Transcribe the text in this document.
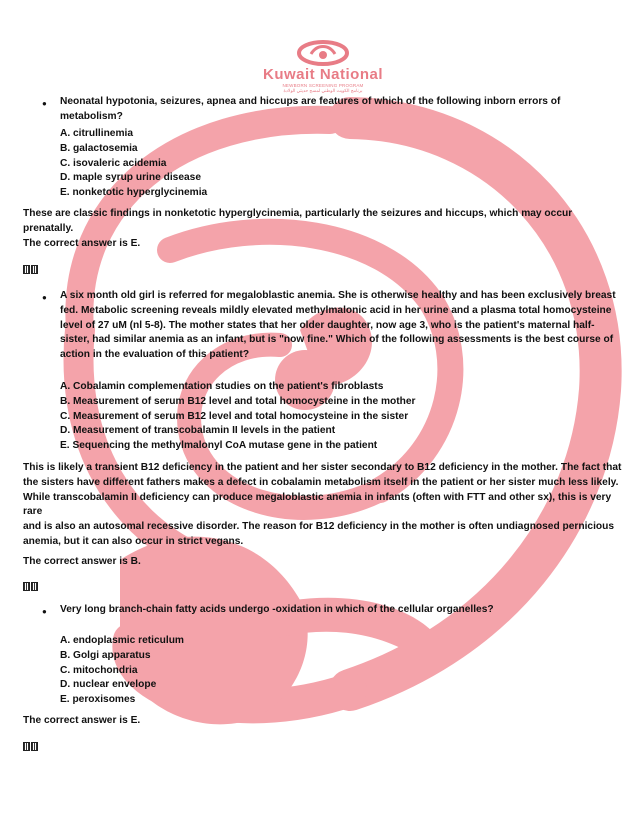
Kuwait National
NEWBORN SCREENING PROGRAM
برنامج الكويت الوطني لمسح حديثي الولادة
● Neonatal hypotonia, seizures, apnea and hiccups are features of which of the following inborn errors of metabolism?
A. citrullinemia
B. galactosemia
C. isovaleric acidemia
D. maple syrup urine disease
E. nonketotic hyperglycinemia
These are classic findings in nonketotic hyperglycinemia, particularly the seizures and hiccups, which may occur prenatally.
The correct answer is E.
● A six month old girl is referred for megaloblastic anemia. She is otherwise healthy and has been exclusively breast
fed. Metabolic screening reveals mildly elevated methylmalonic acid in her urine and a plasma total homocysteine
level of 27 uM (nl 5-8). The mother states that her older daughter, now age 3, who is the patient's maternal half-
sister, had similar anemia as an infant, but is "now fine." Which of the following assessments is the best course of
action in the evaluation of this patient?
A. Cobalamin complementation studies on the patient's fibroblasts
B. Measurement of serum B12 level and total homocysteine in the mother
C. Measurement of serum B12 level and total homocysteine in the sister
D. Measurement of transcobalamin II levels in the patient
E. Sequencing the methylmalonyl CoA mutase gene in the patient
This is likely a transient B12 deficiency in the patient and her sister secondary to B12 deficiency in the mother. The fact that
the sisters have different fathers makes a defect in cobalamin metabolism itself in the patient or her sister much less likely.
While transcobalamin II deficiency can produce megaloblastic anemia in infants (often with FTT and other sx), this is very rare
and is also an autosomal recessive disorder. The reason for B12 deficiency in the mother is often undiagnosed pernicious
anemia, but it can also occur in strict vegans.
The correct answer is B.
● Very long branch-chain fatty acids undergo -oxidation in which of the cellular organelles?
A. endoplasmic reticulum
B. Golgi apparatus
C. mitochondria
D. nuclear envelope
E. peroxisomes
The correct answer is E.
